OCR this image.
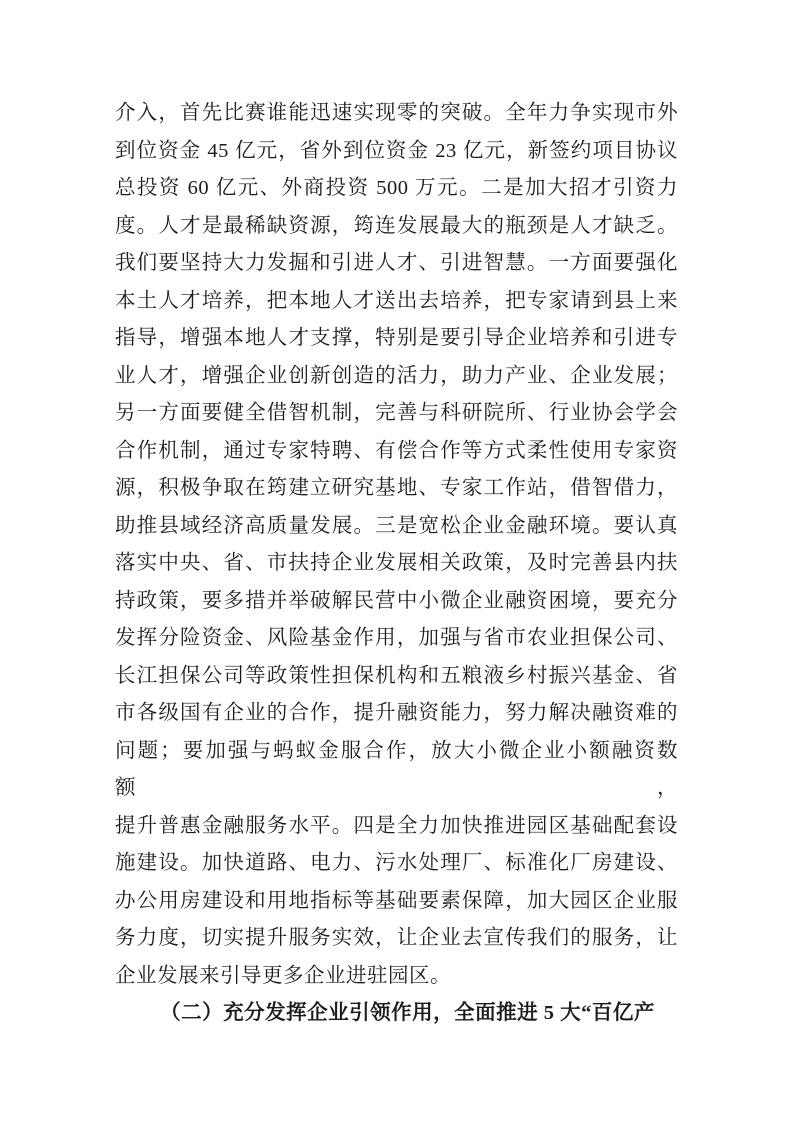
介入，首先比赛谁能迅速实现零的突破。全年力争实现市外

到位资金 45 亿元，省外到位资金 23 亿元，新签约项目协议

总投资 60 亿元、外商投资 500 万元。二是加大招才引资力

度。人才是最稀缺资源，筠连发展最大的瓶颈是人才缺乏。

我们要坚持大力发掘和引进人才、引进智慧。一方面要强化

本土人才培养，把本地人才送出去培养，把专家请到县上来

指导，增强本地人才支撑，特别是要引导企业培养和引进专

业人才，增强企业创新创造的活力，助力产业、企业发展；

另一方面要健全借智机制，完善与科研院所、行业协会学会

合作机制，通过专家特聘、有偿合作等方式柔性使用专家资

源，积极争取在筠建立研究基地、专家工作站，借智借力，

助推县域经济高质量发展。三是宽松企业金融环境。要认真

落实中央、省、市扶持企业发展相关政策，及时完善县内扶

持政策，要多措并举破解民营中小微企业融资困境，要充分

发挥分险资金、风险基金作用，加强与省市农业担保公司、

长江担保公司等政策性担保机构和五粮液乡村振兴基金、省

市各级国有企业的合作，提升融资能力，努力解决融资难的

问题；要加强与蚂蚁金服合作，放大小微企业小额融资数额，

提升普惠金融服务水平。四是全力加快推进园区基础配套设

施建设。加快道路、电力、污水处理厂、标准化厂房建设、

办公用房建设和用地指标等基础要素保障，加大园区企业服

务力度，切实提升服务实效，让企业去宣传我们的服务，让

企业发展来引导更多企业进驻园区。

（二）充分发挥企业引领作用，全面推进 5 大“百亿产
